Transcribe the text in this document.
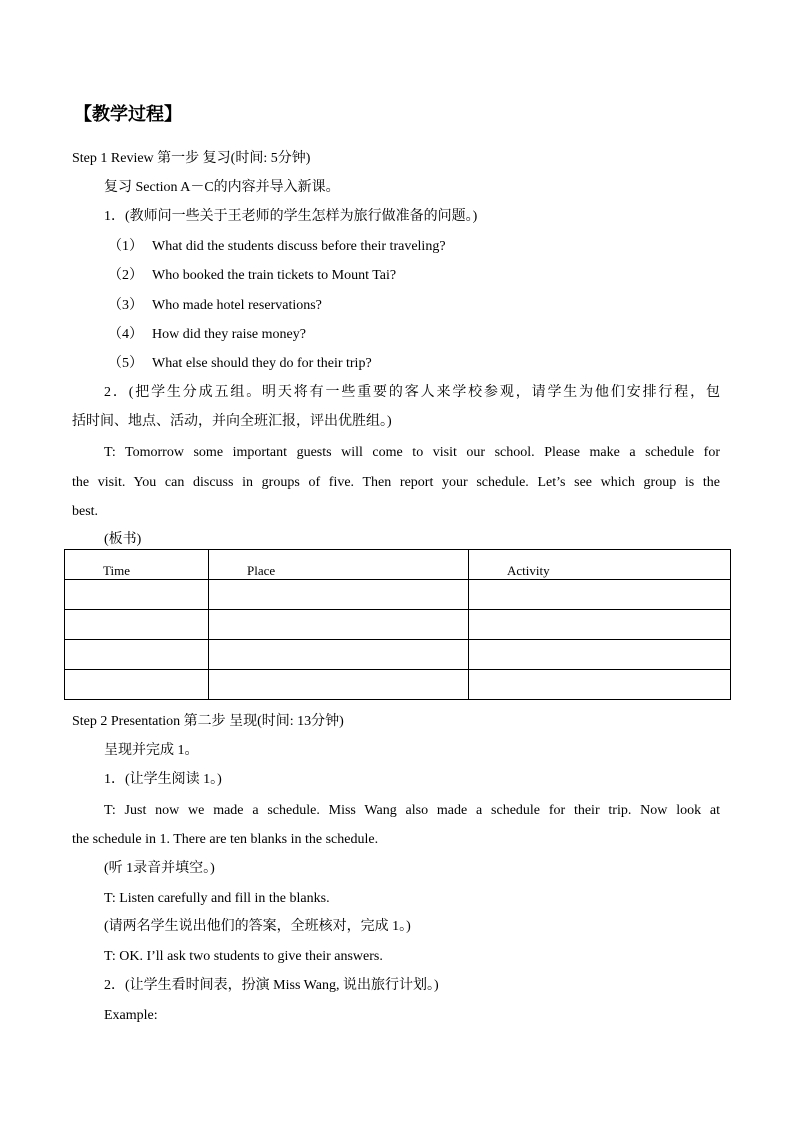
【教学过程】
Step 1 Review 第一步 复习(时间: 5分钟)
复习 Section A－C的内容并导入新课。
1．(教师问一些关于王老师的学生怎样为旅行做准备的问题。)
（1） What did the students discuss before their traveling?
（2） Who booked the train tickets to Mount Tai?
（3） Who made hotel reservations?
（4） How did they raise money?
（5） What else should they do for their trip?
2．(把学生分成五组。明天将有一些重要的客人来学校参观，请学生为他们安排行程，包
括时间、地点、活动，并向全班汇报，评出优胜组。)
T: Tomorrow some important guests will come to visit our school. Please make a schedule for
the visit. You can discuss in groups of five. Then report your schedule. Let’s see which group is the
best.
(板书)
Time	Place	Activity

Step 2 Presentation 第二步 呈现(时间: 13分钟)
呈现并完成 1。
1．(让学生阅读 1。)
T: Just now we made a schedule. Miss Wang also made a schedule for their trip. Now look at
the schedule in 1. There are ten blanks in the schedule.
(听 1录音并填空。)
T: Listen carefully and fill in the blanks.
(请两名学生说出他们的答案，全班核对，完成 1。)
T: OK. I’ll ask two students to give their answers.
2．(让学生看时间表，扮演 Miss Wang, 说出旅行计划。)
Example:
